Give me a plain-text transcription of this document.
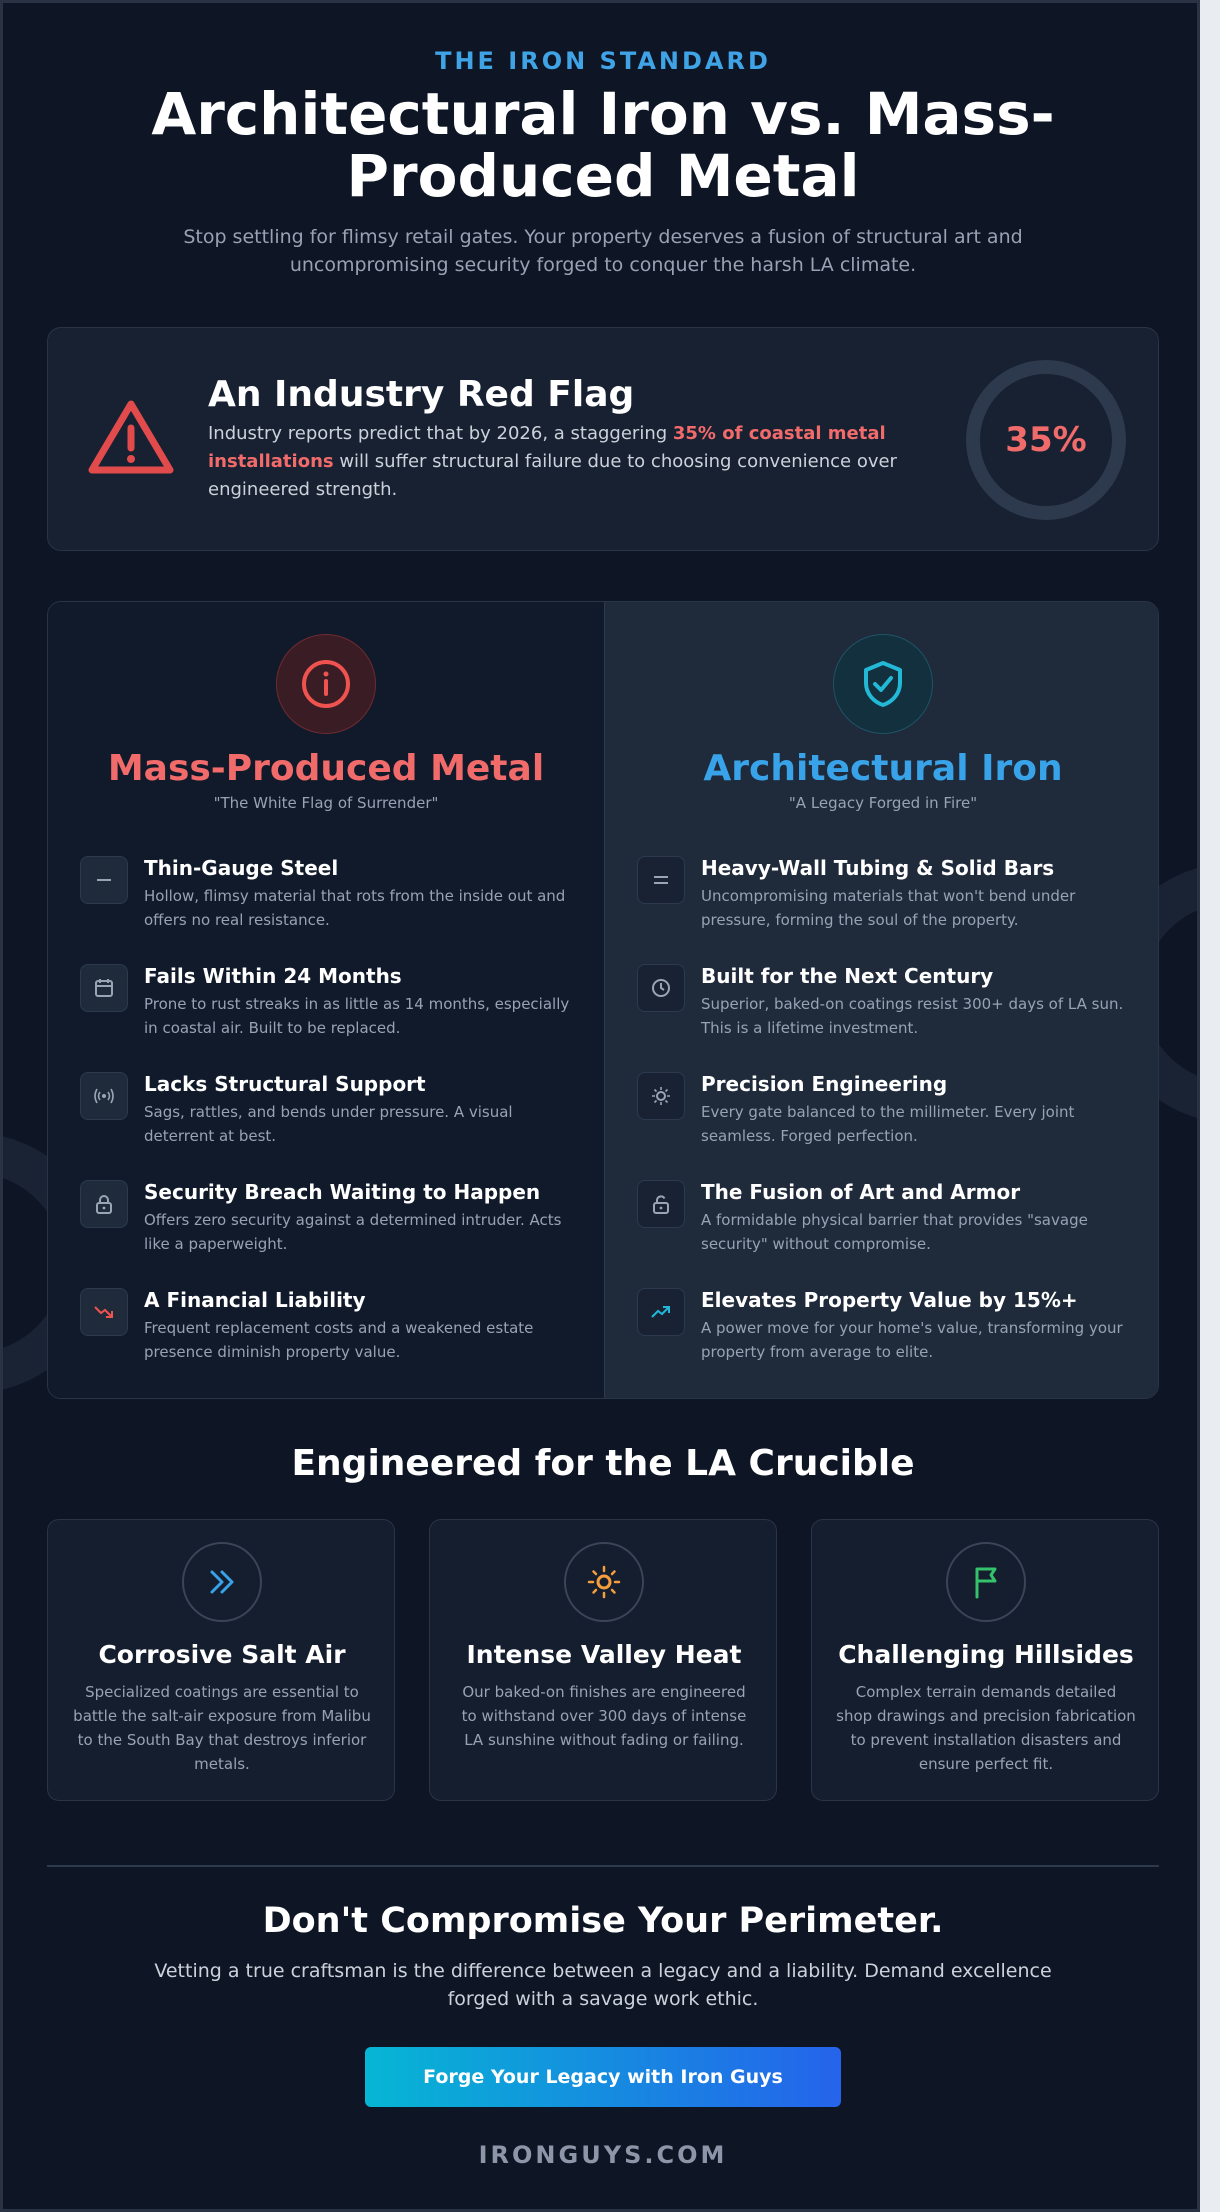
THE IRON STANDARD
Architectural Iron vs. Mass-Produced Metal
Stop settling for flimsy retail gates. Your property deserves a fusion of structural art and uncompromising security forged to conquer the harsh LA climate.
An Industry Red Flag
Industry reports predict that by 2026, a staggering 35% of coastal metal installations will suffer structural failure due to choosing convenience over engineered strength.
35%
Mass-Produced Metal
"The White Flag of Surrender"
Thin-Gauge Steel
Hollow, flimsy material that rots from the inside out and offers no real resistance.
Fails Within 24 Months
Prone to rust streaks in as little as 14 months, especially in coastal air. Built to be replaced.
Lacks Structural Support
Sags, rattles, and bends under pressure. A visual deterrent at best.
Security Breach Waiting to Happen
Offers zero security against a determined intruder. Acts like a paperweight.
A Financial Liability
Frequent replacement costs and a weakened estate presence diminish property value.
Architectural Iron
"A Legacy Forged in Fire"
Heavy-Wall Tubing & Solid Bars
Uncompromising materials that won't bend under pressure, forming the soul of the property.
Built for the Next Century
Superior, baked-on coatings resist 300+ days of LA sun. This is a lifetime investment.
Precision Engineering
Every gate balanced to the millimeter. Every joint seamless. Forged perfection.
The Fusion of Art and Armor
A formidable physical barrier that provides "savage security" without compromise.
Elevates Property Value by 15%+
A power move for your home's value, transforming your property from average to elite.
Engineered for the LA Crucible
Corrosive Salt Air

Specialized coatings are essential to battle the salt-air exposure from Malibu to the South Bay that destroys inferior metals.

Intense Valley Heat

Our baked-on finishes are engineered to withstand over 300 days of intense LA sunshine without fading or failing.

Challenging Hillsides

Complex terrain demands detailed shop drawings and precision fabrication to prevent installation disasters and ensure perfect fit.

Don't Compromise Your Perimeter.
Vetting a true craftsman is the difference between a legacy and a liability. Demand excellence forged with a savage work ethic.
Forge Your Legacy with Iron Guys
IRONGUYS.COM
